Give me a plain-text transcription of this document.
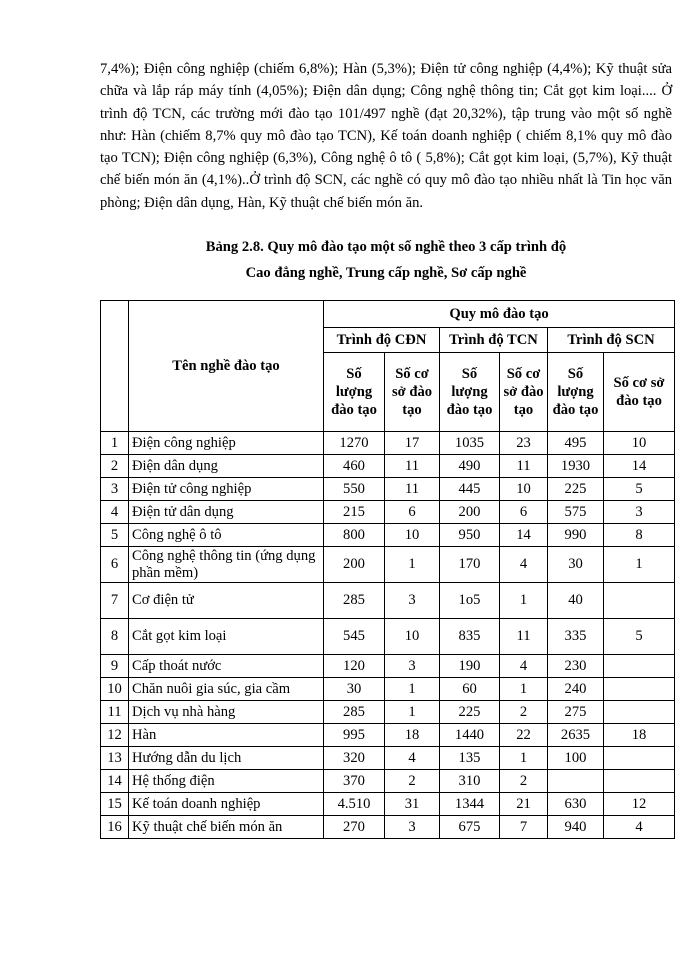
7,4%); Điện công nghiệp (chiếm 6,8%); Hàn (5,3%); Điện tử công nghiệp (4,4%); Kỹ thuật sửa chữa và lắp ráp máy tính (4,05%); Điện dân dụng; Công nghệ thông tin; Cắt gọt kim loại.... Ở trình độ TCN, các trường mới đào tạo 101/497 nghề (đạt 20,32%), tập trung vào một số nghề như: Hàn (chiếm 8,7% quy mô đào tạo TCN), Kế toán doanh nghiệp ( chiếm 8,1% quy mô đào tạo TCN); Điện công nghiệp (6,3%), Công nghệ ô tô ( 5,8%); Cắt gọt kim loại, (5,7%), Kỹ thuật chế biến món ăn (4,1%)..Ở trình độ SCN, các nghề có quy mô đào tạo nhiều nhất là Tin học văn phòng; Điện dân dụng, Hàn, Kỹ thuật chế biến món ăn.

Bảng 2.8. Quy mô đào tạo một số nghề theo 3 cấp trình độ

Cao đẳng nghề, Trung cấp nghề, Sơ cấp nghề

	Tên nghề đào tạo	Quy mô đào tạo					
		Trình độ CĐN		Trình độ TCN		Trình độ SCN	
		Số lượng đào tạo	Số cơ sở đào tạo	Số lượng đào tạo	Số cơ sở đào tạo	Số lượng đào tạo	Số cơ sở đào tạo
1	Điện công nghiệp	1270	17	1035	23	495	10
2	Điện dân dụng	460	11	490	11	1930	14
3	Điện tử công nghiệp	550	11	445	10	225	5
4	Điện tử dân dụng	215	6	200	6	575	3
5	Công nghệ ô tô	800	10	950	14	990	8
6	Công nghệ thông tin (ứng dụng phần mềm)	200	1	170	4	30	1
7	Cơ điện tử	285	3	1o5	1	40	
8	Cắt gọt kim loại	545	10	835	11	335	5
9	Cấp thoát nước	120	3	190	4	230	
10	Chăn nuôi gia súc, gia cầm	30	1	60	1	240	
11	Dịch vụ nhà hàng	285	1	225	2	275	
12	Hàn	995	18	1440	22	2635	18
13	Hướng dẫn du lịch	320	4	135	1	100	
14	Hệ thống điện	370	2	310	2		
15	Kế toán doanh nghiệp	4.510	31	1344	21	630	12
16	Kỹ thuật chế biến món ăn	270	3	675	7	940	4
